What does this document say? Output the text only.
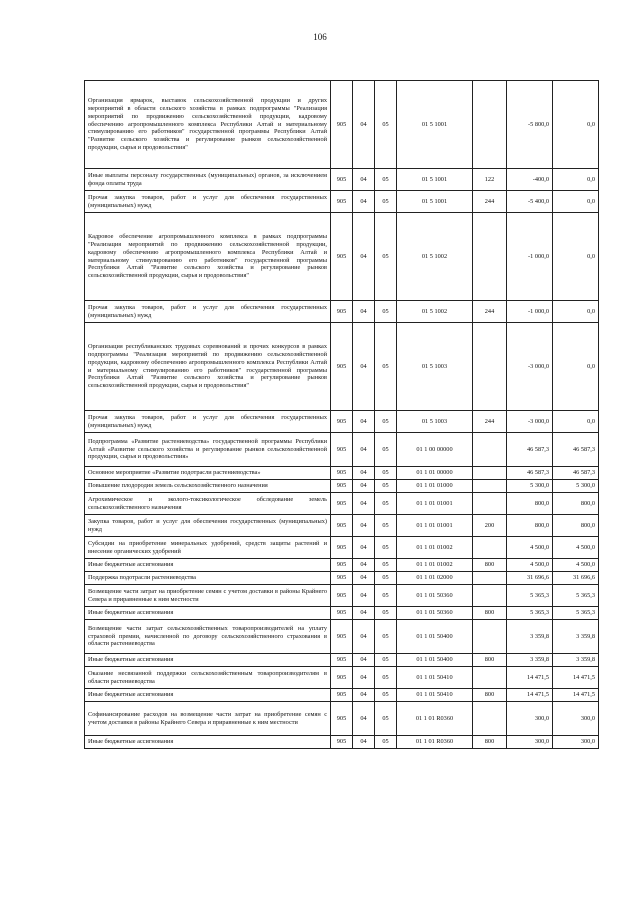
106
Организация ярмарок, выставок сельскохозяйственной продукции и других мероприятий в области сельского хозяйства в рамках подпрограммы "Реализация мероприятий по продвижению сельскохозяйственной продукции, кадровому обеспечению агропромышленного комплекса Республики Алтай и материальному стимулированию его работников" государственной программы Республики Алтай "Развитие сельского хозяйства и регулирование рынков сельскохозяйственной продукции, сырья и продовольствия"	905	04	05	01 5 1001		-5 800,0	0,0
Иные выплаты персоналу государственных (муниципальных) органов, за исключением фонда оплаты труда	905	04	05	01 5 1001	122	-400,0	0,0
Прочая закупка товаров, работ и услуг для обеспечения государственных (муниципальных) нужд	905	04	05	01 5 1001	244	-5 400,0	0,0
Кадровое обеспечение агропромышленного комплекса в рамках подпрограммы "Реализация мероприятий по продвижению сельскохозяйственной продукции, кадровому обеспечению агропромышленного комплекса Республики Алтай и материальному стимулированию его работников" государственной программы Республики Алтай "Развитие сельского хозяйства и регулирование рынков сельскохозяйственной продукции, сырья и продовольствия"	905	04	05	01 5 1002		-1 000,0	0,0
Прочая закупка товаров, работ и услуг для обеспечения государственных (муниципальных) нужд	905	04	05	01 5 1002	244	-1 000,0	0,0
Организация республиканских трудовых соревнований и прочих конкурсов в рамках подпрограммы "Реализация мероприятий по продвижению сельскохозяйственной продукции, кадровому обеспечению агропромышленного комплекса Республики Алтай и материальному стимулированию его работников" государственной программы Республики Алтай "Развитие сельского хозяйства и регулирование рынков сельскохозяйственной продукции, сырья и продовольствия"	905	04	05	01 5 1003		-3 000,0	0,0
Прочая закупка товаров, работ и услуг для обеспечения государственных (муниципальных) нужд	905	04	05	01 5 1003	244	-3 000,0	0,0
Подпрограмма «Развитие растениеводства» государственной программы Республики Алтай «Развитие сельского хозяйства и регулирование рынков сельскохозяйственной продукции, сырья и продовольствия»	905	04	05	01 1 00 00000		46 587,3	46 587,3
Основное мероприятие «Развитие подотрасли растениеводства»	905	04	05	01 1 01 00000		46 587,3	46 587,3
Повышение плодородия земель сельскохозяйственного назначения	905	04	05	01 1 01 01000		5 300,0	5 300,0
Агрохимическое и эколого-токсикологическое обследование земель сельскохозяйственного назначения	905	04	05	01 1 01 01001		800,0	800,0
Закупка товаров, работ и услуг для обеспечения государственных (муниципальных) нужд	905	04	05	01 1 01 01001	200	800,0	800,0
Субсидии на приобретение минеральных удобрений, средств защиты растений и внесение органических удобрений	905	04	05	01 1 01 01002		4 500,0	4 500,0
Иные бюджетные ассигнования	905	04	05	01 1 01 01002	800	4 500,0	4 500,0
Поддержка подотрасли растениеводства	905	04	05	01 1 01 02000		31 696,6	31 696,6
Возмещение части затрат на приобретение семян с учетом доставки в районы Крайнего Севера и приравненные к ним местности	905	04	05	01 1 01 50360		5 365,3	5 365,3
Иные бюджетные ассигнования	905	04	05	01 1 01 50360	800	5 365,3	5 365,3
Возмещение части затрат сельскохозяйственных товаропроизводителей на уплату страховой премии, начисленной по договору сельскохозяйственного страхования в области растениеводства	905	04	05	01 1 01 50400		3 359,8	3 359,8
Иные бюджетные ассигнования	905	04	05	01 1 01 50400	800	3 359,8	3 359,8
Оказание несвязанной поддержки сельскохозяйственным товаропроизводителям в области растениеводства	905	04	05	01 1 01 50410		14 471,5	14 471,5
Иные бюджетные ассигнования	905	04	05	01 1 01 50410	800	14 471,5	14 471,5
Софинансирование расходов на возмещение части затрат на приобретение семян с учетом доставки в районы Крайнего Севера и приравненные к ним местности	905	04	05	01 1 01 R0360		300,0	300,0
Иные бюджетные ассигнования	905	04	05	01 1 01 R0360	800	300,0	300,0
